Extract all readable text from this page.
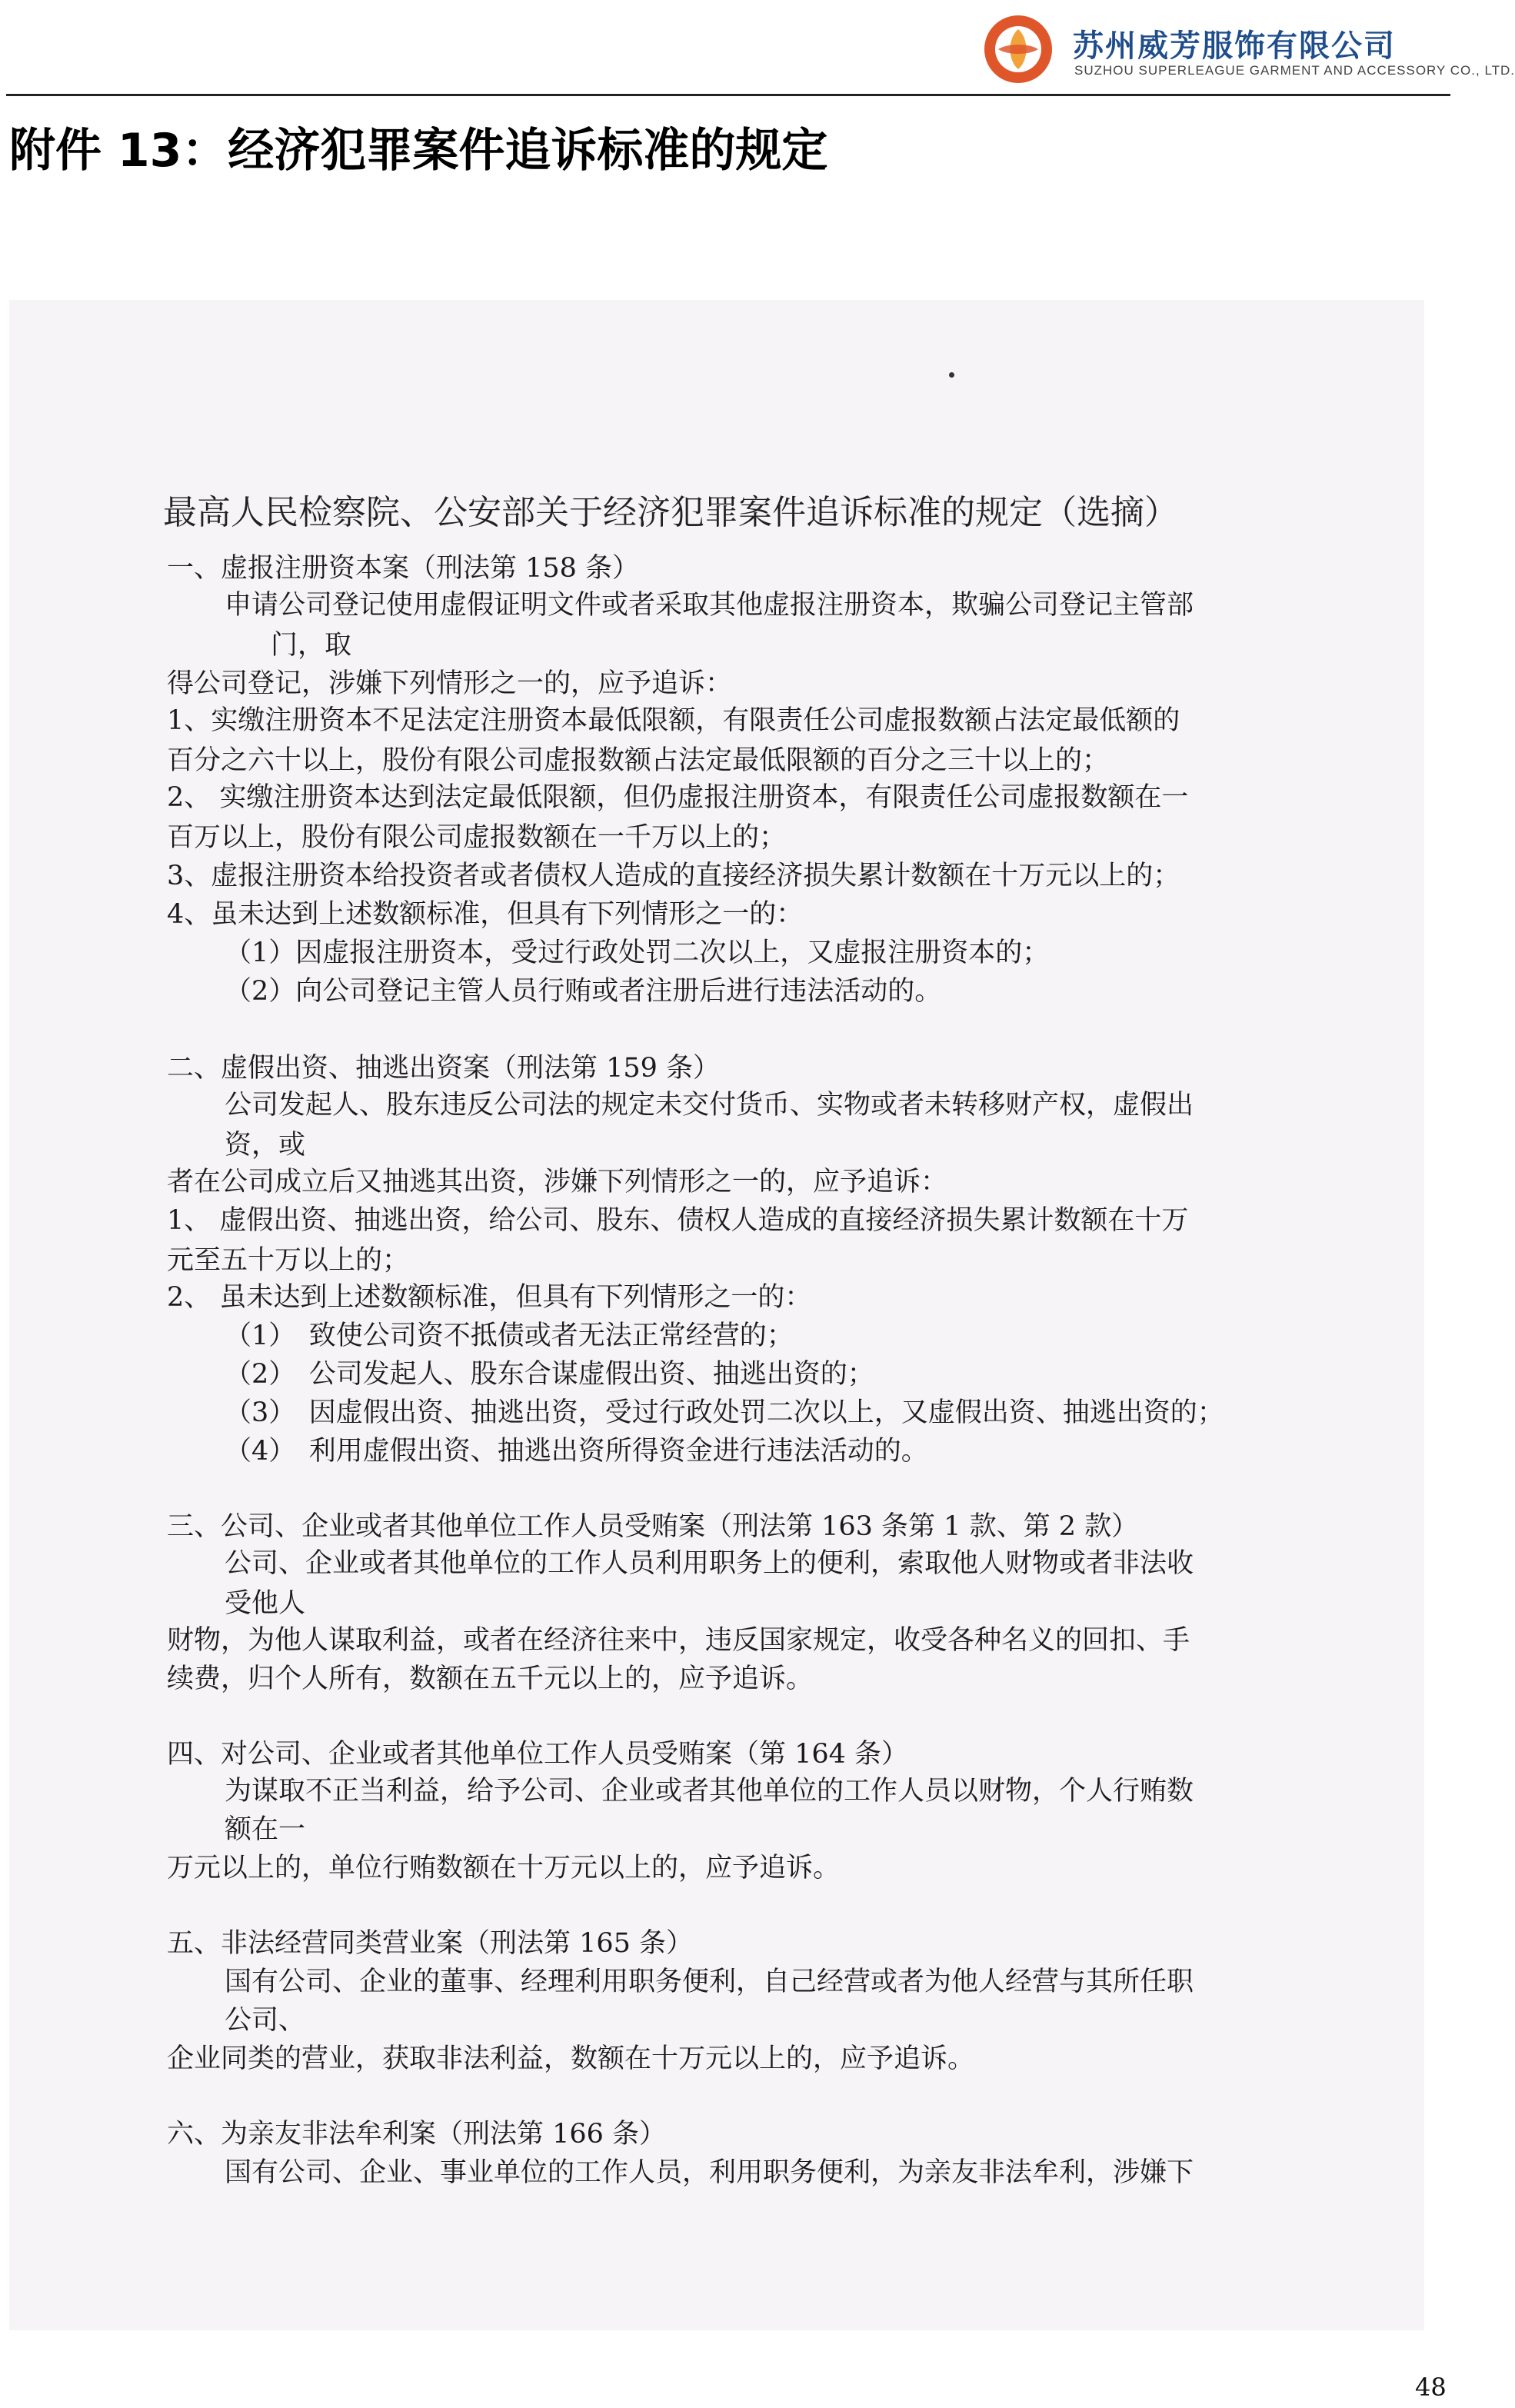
苏州威芳服饰有限公司
SUZHOU SUPERLEAGUE GARMENT AND ACCESSORY CO., LTD.
附件 13：经济犯罪案件追诉标准的规定
最高人民检察院、公安部关于经济犯罪案件追诉标准的规定（选摘）
一、虚报注册资本案（刑法第 158 条）
申请公司登记使用虚假证明文件或者采取其他虚报注册资本，欺骗公司登记主管部
门，取
得公司登记，涉嫌下列情形之一的，应予追诉：
1、实缴注册资本不足法定注册资本最低限额，有限责任公司虚报数额占法定最低额的
百分之六十以上，股份有限公司虚报数额占法定最低限额的百分之三十以上的；
2、 实缴注册资本达到法定最低限额，但仍虚报注册资本，有限责任公司虚报数额在一
百万以上，股份有限公司虚报数额在一千万以上的；
3、虚报注册资本给投资者或者债权人造成的直接经济损失累计数额在十万元以上的；
4、虽未达到上述数额标准，但具有下列情形之一的：
（1）因虚报注册资本，受过行政处罚二次以上，又虚报注册资本的；
（2）向公司登记主管人员行贿或者注册后进行违法活动的。
二、虚假出资、抽逃出资案（刑法第 159 条）
公司发起人、股东违反公司法的规定未交付货币、实物或者未转移财产权，虚假出
资，或
者在公司成立后又抽逃其出资，涉嫌下列情形之一的，应予追诉：
1、 虚假出资、抽逃出资，给公司、股东、债权人造成的直接经济损失累计数额在十万
元至五十万以上的；
2、 虽未达到上述数额标准，但具有下列情形之一的：
（1）　致使公司资不抵债或者无法正常经营的；
（2）　公司发起人、股东合谋虚假出资、抽逃出资的；
（3）　因虚假出资、抽逃出资，受过行政处罚二次以上，又虚假出资、抽逃出资的；
（4）　利用虚假出资、抽逃出资所得资金进行违法活动的。
三、公司、企业或者其他单位工作人员受贿案（刑法第 163 条第 1 款、第 2 款）
公司、企业或者其他单位的工作人员利用职务上的便利，索取他人财物或者非法收
受他人
财物，为他人谋取利益，或者在经济往来中，违反国家规定，收受各种名义的回扣、手
续费，归个人所有，数额在五千元以上的，应予追诉。
四、对公司、企业或者其他单位工作人员受贿案（第 164 条）
为谋取不正当利益，给予公司、企业或者其他单位的工作人员以财物，个人行贿数
额在一
万元以上的，单位行贿数额在十万元以上的，应予追诉。
五、非法经营同类营业案（刑法第 165 条）
国有公司、企业的董事、经理利用职务便利，自己经营或者为他人经营与其所任职
公司、
企业同类的营业，获取非法利益，数额在十万元以上的，应予追诉。
六、为亲友非法牟利案（刑法第 166 条）
国有公司、企业、事业单位的工作人员，利用职务便利，为亲友非法牟利，涉嫌下
48
